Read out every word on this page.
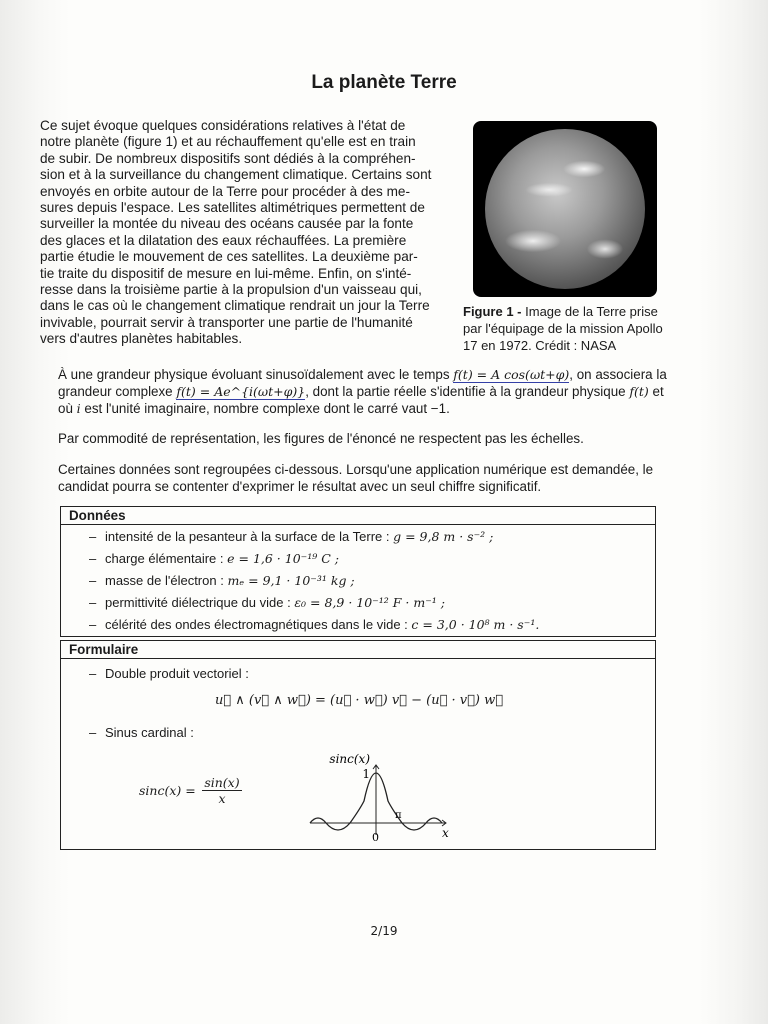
La planète Terre

Ce sujet évoque quelques considérations relatives à l'état de
notre planète (figure 1) et au réchauffement qu'elle est en train
de subir. De nombreux dispositifs sont dédiés à la compréhen-
sion et à la surveillance du changement climatique. Certains sont
envoyés en orbite autour de la Terre pour procéder à des me-
sures depuis l'espace. Les satellites altimétriques permettent de
surveiller la montée du niveau des océans causée par la fonte
des glaces et la dilatation des eaux réchauffées. La première
partie étudie le mouvement de ces satellites. La deuxième par-
tie traite du dispositif de mesure en lui-même. Enfin, on s'inté-
resse dans la troisième partie à la propulsion d'un vaisseau qui,
dans le cas où le changement climatique rendrait un jour la Terre
invivable, pourrait servir à transporter une partie de l'humanité
vers d'autres planètes habitables.

Figure 1 - Image de la Terre prise par l'équipage de la mission Apollo 17 en 1972. Crédit : NASA

À une grandeur physique évoluant sinusoïdalement avec le temps f(t) = A cos(ωt+φ), on associera la grandeur complexe f(t) = Ae^{i(ωt+φ)}, dont la partie réelle s'identifie à la grandeur physique f(t) et où i est l'unité imaginaire, nombre complexe dont le carré vaut −1.

Par commodité de représentation, les figures de l'énoncé ne respectent pas les échelles.

Certaines données sont regroupées ci-dessous. Lorsqu'une application numérique est demandée, le candidat pourra se contenter d'exprimer le résultat avec un seul chiffre significatif.

Données
– intensité de la pesanteur à la surface de la Terre : g = 9,8 m · s⁻² ;
– charge élémentaire : e = 1,6 · 10⁻¹⁹ C ;
– masse de l'électron : mₑ = 9,1 · 10⁻³¹ kg ;
– permittivité diélectrique du vide : ε₀ = 8,9 · 10⁻¹² F · m⁻¹ ;
– célérité des ondes électromagnétiques dans le vide : c = 3,0 · 10⁸ m · s⁻¹.
Formulaire
– Double produit vectoriel :
u⃗ ∧ (v⃗ ∧ w⃗) = (u⃗ · w⃗) v⃗ − (u⃗ · v⃗) w⃗
– Sinus cardinal :
$\sin c(x) = \frac{\sin(x)}{x}$
sinc(x)
1
π
0	x
2/19
